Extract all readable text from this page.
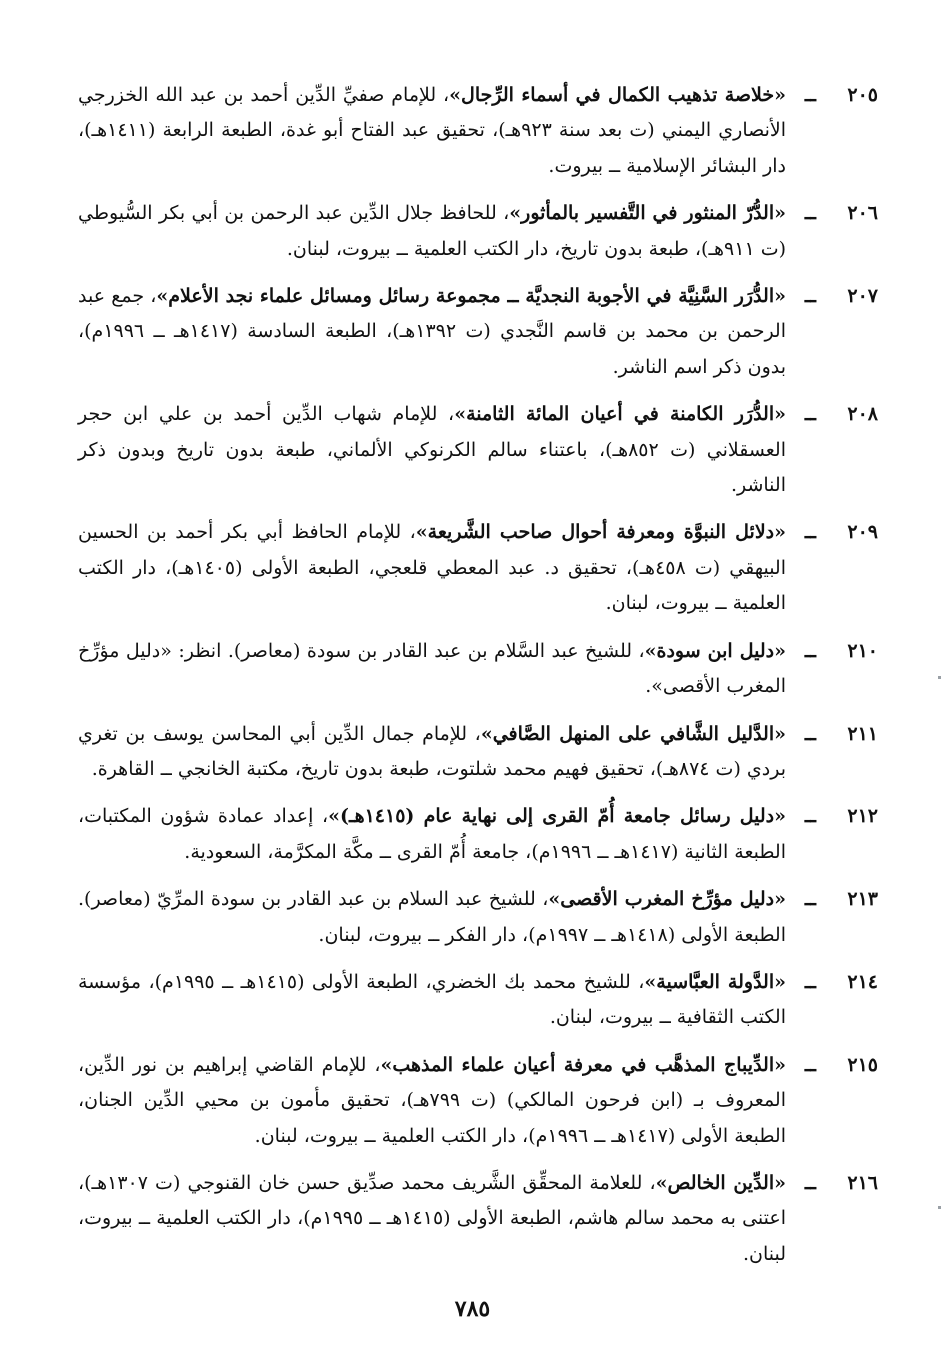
٢٠٥
ــ
«خلاصة تذهيب الكمال في أسماء الرِّجال»، للإمام صفيِّ الدِّين أحمد بن عبد الله الخزرجي الأنصاري اليمني (ت بعد سنة ٩٢٣هـ)، تحقيق عبد الفتاح أبو غدة، الطبعة الرابعة (١٤١١هـ)، دار البشائر الإسلامية ــ بيروت.
٢٠٦
ــ
«الدُّرّ المنثور في التَّفسير بالمأثور»، للحافظ جلال الدِّين عبد الرحمن بن أبي بكر السُّيوطي (ت ٩١١هـ)، طبعة بدون تاريخ، دار الكتب العلمية ــ بيروت، لبنان.
٢٠٧
ــ
«الدُّرَر السَّنِيَّة في الأجوبة النجديَّة ــ مجموعة رسائل ومسائل علماء نجد الأعلام»، جمع عبد الرحمن بن محمد بن قاسم النَّجدي (ت ١٣٩٢هـ)، الطبعة السادسة (١٤١٧هـ ــ ١٩٩٦م)، بدون ذكر اسم الناشر.
٢٠٨
ــ
«الدُّرَر الكامنة في أعيان المائة الثامنة»، للإمام شهاب الدِّين أحمد بن علي ابن حجر العسقلاني (ت ٨٥٢هـ)، باعتناء سالم الكرنوكي الألماني، طبعة بدون تاريخ وبدون ذكر الناشر.
٢٠٩
ــ
«دلائل النبوَّة ومعرفة أحوال صاحب الشَّريعة»، للإمام الحافظ أبي بكر أحمد بن الحسين البيهقي (ت ٤٥٨هـ)، تحقيق د. عبد المعطي قلعجي، الطبعة الأولى (١٤٠٥هـ)، دار الكتب العلمية ــ بيروت، لبنان.
٢١٠
ــ
«دليل ابن سودة»، للشيخ عبد السَّلام بن عبد القادر بن سودة (معاصر). انظر: «دليل مؤرِّخ المغرب الأقصى».
٢١١
ــ
«الدَّليل الشَّافي على المنهل الصَّافي»، للإمام جمال الدِّين أبي المحاسن يوسف بن تغري بردي (ت ٨٧٤هـ)، تحقيق فهيم محمد شلتوت، طبعة بدون تاريخ، مكتبة الخانجي ــ القاهرة.
٢١٢
ــ
«دليل رسائل جامعة أُمّ القرى إلى نهاية عام (١٤١٥هـ)»، إعداد عمادة شؤون المكتبات، الطبعة الثانية (١٤١٧هـ ــ ١٩٩٦م)، جامعة أُمّ القرى ــ مكَّة المكرَّمة، السعودية.
٢١٣
ــ
«دليل مؤرِّخ المغرب الأقصى»، للشيخ عبد السلام بن عبد القادر بن سودة المرِّيّ (معاصر). الطبعة الأولى (١٤١٨هـ ــ ١٩٩٧م)، دار الفكر ــ بيروت، لبنان.
٢١٤
ــ
«الدَّولة العبَّاسية»، للشيخ محمد بك الخضري، الطبعة الأولى (١٤١٥هـ ــ ١٩٩٥م)، مؤسسة الكتب الثقافية ــ بيروت، لبنان.
٢١٥
ــ
«الدِّيباج المذهَّب في معرفة أعيان علماء المذهب»، للإمام القاضي إبراهيم بن نور الدِّين، المعروف بـ (ابن فرحون المالكي) (ت ٧٩٩هـ)، تحقيق مأمون بن محيي الدِّين الجنان، الطبعة الأولى (١٤١٧هـ ــ ١٩٩٦م)، دار الكتب العلمية ــ بيروت، لبنان.
٢١٦
ــ
«الدِّين الخالص»، للعلامة المحقِّق الشَّريف محمد صدِّيق حسن خان القنوجي (ت ١٣٠٧هـ)، اعتنى به محمد سالم هاشم، الطبعة الأولى (١٤١٥هـ ــ ١٩٩٥م)، دار الكتب العلمية ــ بيروت، لبنان.
٧٨٥
